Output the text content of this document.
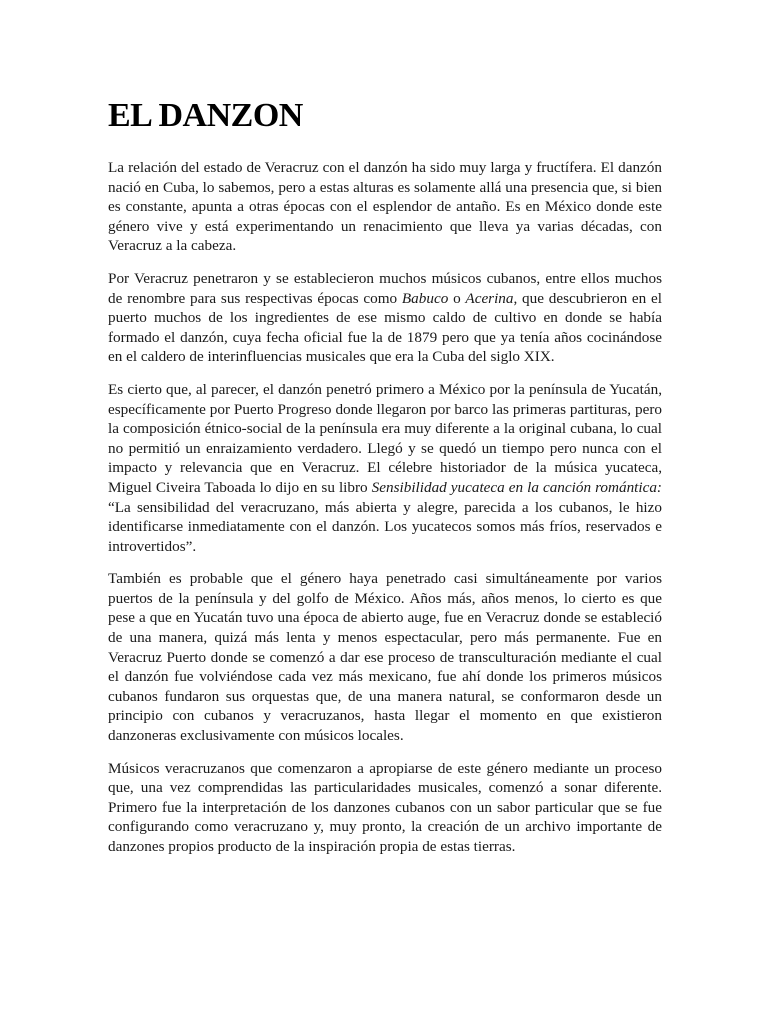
EL DANZON

La relación del estado de Veracruz con el danzón ha sido muy larga y fructífera. El danzón nació en Cuba, lo sabemos, pero a estas alturas es solamente allá una presencia que, si bien es constante, apunta a otras épocas con el esplendor de antaño. Es en México donde este género vive y está experimentando un renacimiento que lleva ya varias décadas, con Veracruz a la cabeza.

Por Veracruz penetraron y se establecieron muchos músicos cubanos, entre ellos muchos de renombre para sus respectivas épocas como Babuco o Acerina, que descubrieron en el puerto muchos de los ingredientes de ese mismo caldo de cultivo en donde se había formado el danzón, cuya fecha oficial fue la de 1879 pero que ya tenía años cocinándose en el caldero de interinfluencias musicales que era la Cuba del siglo XIX.

Es cierto que, al parecer, el danzón penetró primero a México por la península de Yucatán, específicamente por Puerto Progreso donde llegaron por barco las primeras partituras, pero la composición étnico-social de la península era muy diferente a la original cubana, lo cual no permitió un enraizamiento verdadero. Llegó y se quedó un tiempo pero nunca con el impacto y relevancia que en Veracruz. El célebre historiador de la música yucateca, Miguel Civeira Taboada lo dijo en su libro Sensibilidad yucateca en la canción romántica: “La sensibilidad del veracruzano, más abierta y alegre, parecida a los cubanos, le hizo identificarse inmediatamente con el danzón. Los yucatecos somos más fríos, reservados e introvertidos”.

También es probable que el género haya penetrado casi simultáneamente por varios puertos de la península y del golfo de México. Años más, años menos, lo cierto es que pese a que en Yucatán tuvo una época de abierto auge, fue en Veracruz donde se estableció de una manera, quizá más lenta y menos espectacular, pero más permanente. Fue en Veracruz Puerto donde se comenzó a dar ese proceso de transculturación mediante el cual el danzón fue volviéndose cada vez más mexicano, fue ahí donde los primeros músicos cubanos fundaron sus orquestas que, de una manera natural, se conformaron desde un principio con cubanos y veracruzanos, hasta llegar el momento en que existieron danzoneras exclusivamente con músicos locales.

Músicos veracruzanos que comenzaron a apropiarse de este género mediante un proceso que, una vez comprendidas las particularidades musicales, comenzó a sonar diferente. Primero fue la interpretación de los danzones cubanos con un sabor particular que se fue configurando como veracruzano y, muy pronto, la creación de un archivo importante de danzones propios producto de la inspiración propia de estas tierras.
